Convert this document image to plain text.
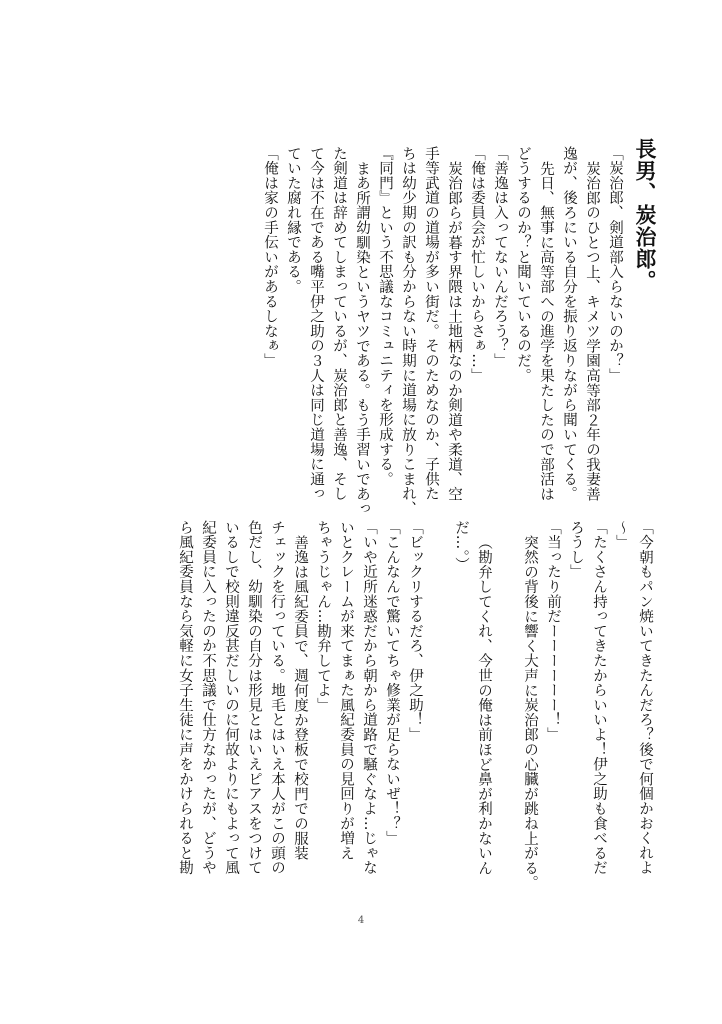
長男、炭治郎。

「炭治郎、剣道部入らないのか？」

炭治郎のひとつ上、キメツ学園高等部２年の我妻善

逸が、後ろにいる自分を振り返りながら聞いてくる。

先日、無事に高等部への進学を果たしたので部活は

どうするのか？と聞いているのだ。

「善逸は入ってないんだろう？」

「俺は委員会が忙しいからさぁ…」

炭治郎らが暮す界隈は土地柄なのか剣道や柔道、空

手等武道の道場が多い街だ。そのためなのか、子供た

ちは幼少期の訳も分からない時期に道場に放りこまれ、

『同門』という不思議なコミュニティを形成する。

まあ所謂幼馴染というヤツである。もう手習いであっ

た剣道は辞めてしまっているが、炭治郎と善逸、そし

て今は不在である嘴平伊之助の３人は同じ道場に通っ

ていた腐れ縁である。

「俺は家の手伝いがあるしなぁ」

「今朝もパン焼いてきたんだろ？後で何個かおくれよ

〜」

「たくさん持ってきたからいいよ！伊之助も食べるだ

ろうし」

「当ったり前だーーーーーー！」

突然の背後に響く大声に炭治郎の心臓が跳ね上がる。

（勘弁してくれ、今世の俺は前ほど鼻が利かないん

だ…。）

「ビックリするだろ、伊之助！」

「こんなんで驚いてちゃ修業が足らないぜ！？」

「いや近所迷惑だから朝から道路で騒ぐなよ…じゃな

いとクレームが来てまぁた風紀委員の見回りが増え

ちゃうじゃん…勘弁してよ」

善逸は風紀委員で、週何度か登板で校門での服装

チェックを行っている。地毛とはいえ本人がこの頭の

色だし、幼馴染の自分は形見とはいえピアスをつけて

いるしで校則違反甚だしいのに何故よりにもよって風

紀委員に入ったのか不思議で仕方なかったが、どうや

ら風紀委員なら気軽に女子生徒に声をかけられると勘

4
